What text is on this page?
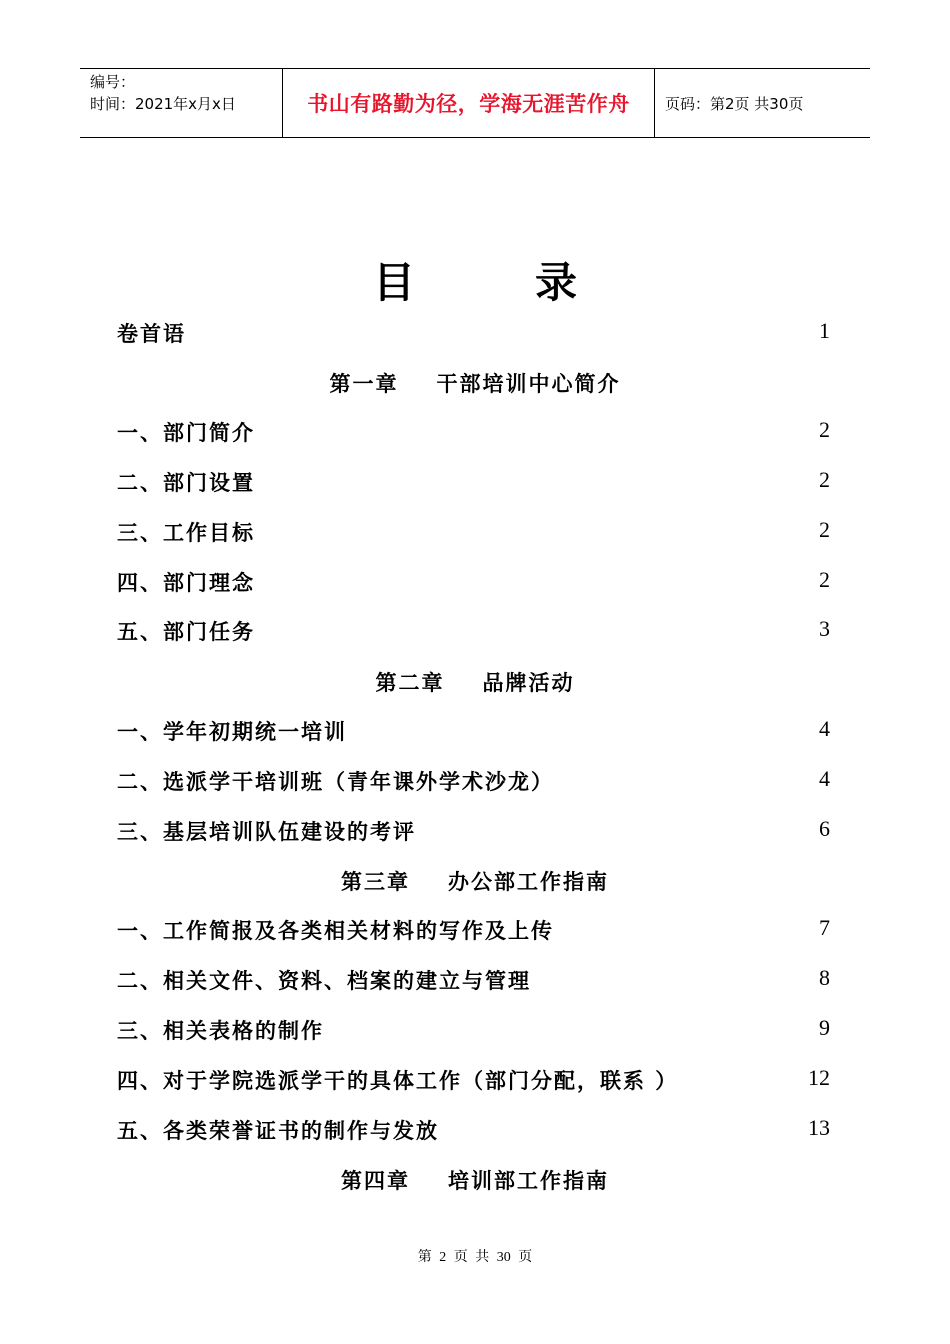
编号：
时间：2021年x月x日	书山有路勤为径，学海无涯苦作舟	页码：第2页 共30页
目录
卷首语	1
第一章 干部培训中心简介
一、部门简介	2
二、部门设置	2
三、工作目标	2
四、部门理念	2
五、部门任务	3
第二章 品牌活动
一、学年初期统一培训	4
二、选派学干培训班（青年课外学术沙龙）	4
三、基层培训队伍建设的考评	6
第三章 办公部工作指南
一、工作简报及各类相关材料的写作及上传	7
二、相关文件、资料、档案的建立与管理	8
三、相关表格的制作	9
四、对于学院选派学干的具体工作（部门分配，联系 ）	12
五、各类荣誉证书的制作与发放	13
第四章 培训部工作指南
第 2 页 共 30 页
